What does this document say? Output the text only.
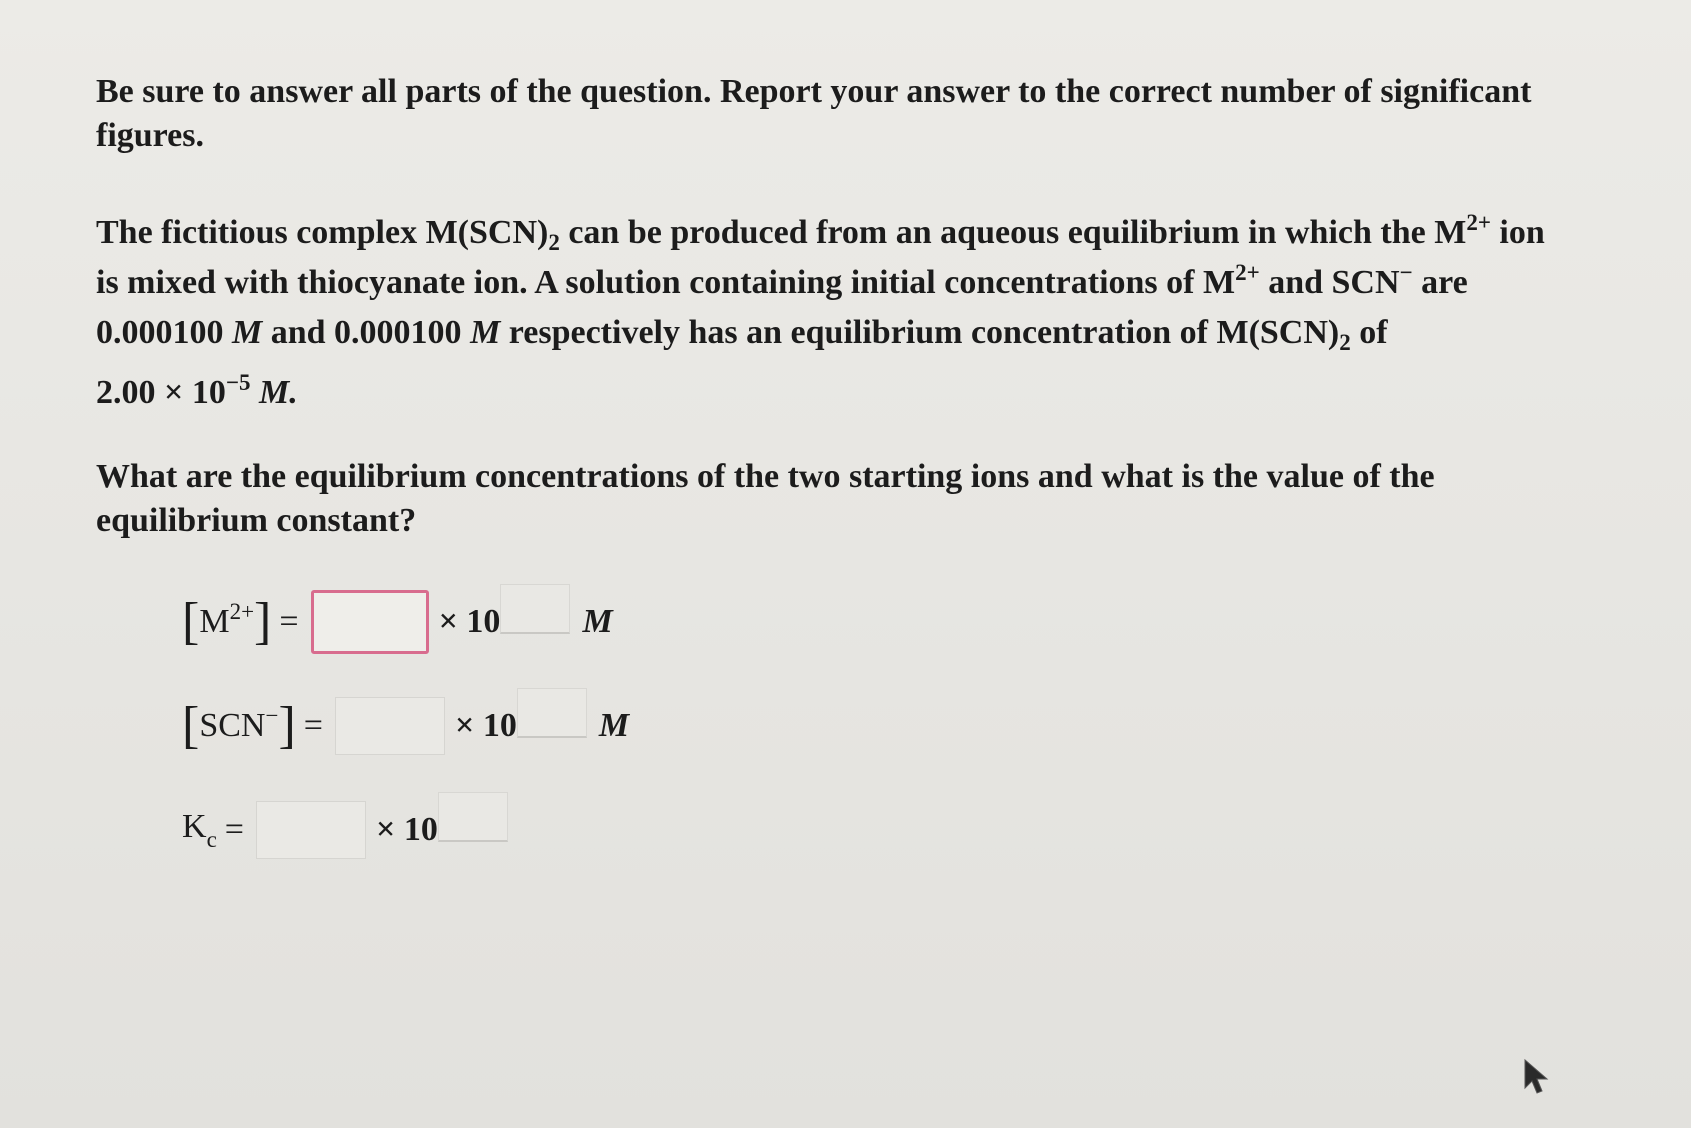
Be sure to answer all parts of the question. Report your answer to the correct number of significant
figures.
The fictitious complex $M(SCN)_2$ can be produced from an aqueous equilibrium in which the $M^{2+}$ ion
is mixed with thiocyanate ion. A solution containing initial concentrations of $M^{2+}$ and SCN− are
0.000100 M and 0.000100 M respectively has an equilibrium concentration of $M(SCN)_2$ of
$2.00 \times 10^{-5}$ M.
What are the equilibrium concentrations of the two starting ions and what is the value of the
equilibrium constant?
[ $M^{2+}$ ] =	× 10 M
[ SCN− ] =	× 10 M
$K_c$ =	× 10
